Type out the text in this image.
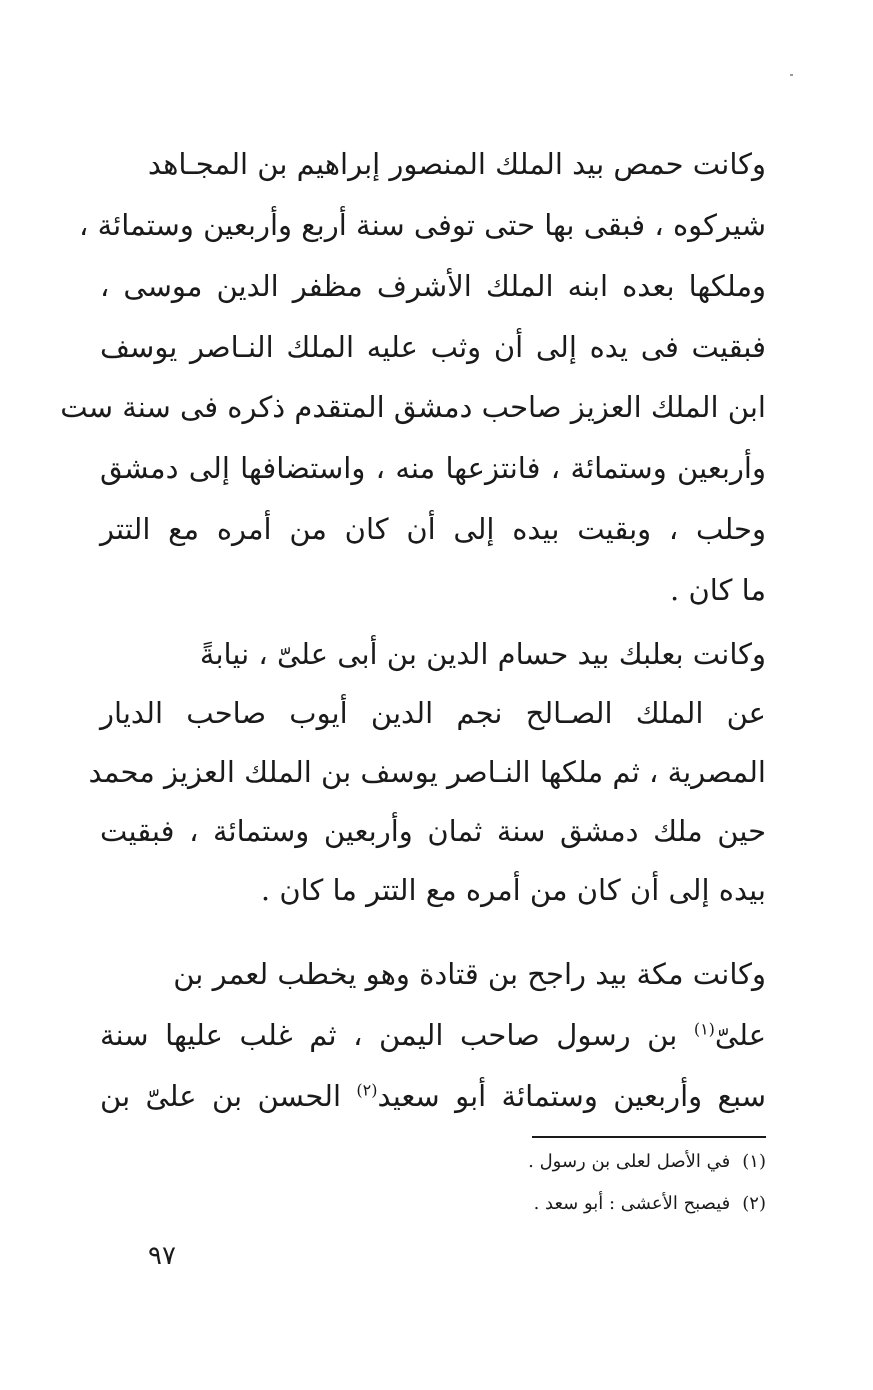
وكانت حمص بيد الملك المنصور إبراهيم بن المجـاهد
شيركوه ، فبقى بها حتى توفى سنة أربع وأربعين وستمائة ،
وملكها بعده ابنه الملك الأشرف مظفر الدين موسى ،
فبقيت فى يده إلى أن وثب عليه الملك النـاصر يوسف
ابن الملك العزيز صاحب دمشق المتقدم ذكره فى سنة ست
وأربعين وستمائة ، فانتزعها منه ، واستضافها إلى دمشق
وحلب ، وبقيت بيده إلى أن كان من أمره مع التتر
ما كان .
وكانت بعلبك بيد حسام الدين بن أبى علىّ ، نيابةً
عن الملك الصـالح نجم الدين أيوب صاحب الديار
المصرية ، ثم ملكها النـاصر يوسف بن الملك العزيز محمد
حين ملك دمشق سنة ثمان وأربعين وستمائة ، فبقيت
بيده إلى أن كان من أمره مع التتر ما كان .
وكانت مكة بيد راجح بن قتادة وهو يخطب لعمر بن
علىّ$^{(١)}$ بن رسول صاحب اليمن ، ثم غلب عليها سنة
سبع وأربعين وستمائة أبو سعيد$^{(٢)}$ الحسن بن علىّ بن
(١)في الأصل لعلى بن رسول .
(٢)فيصبح الأعشى : أبو سعد .
٩٧
